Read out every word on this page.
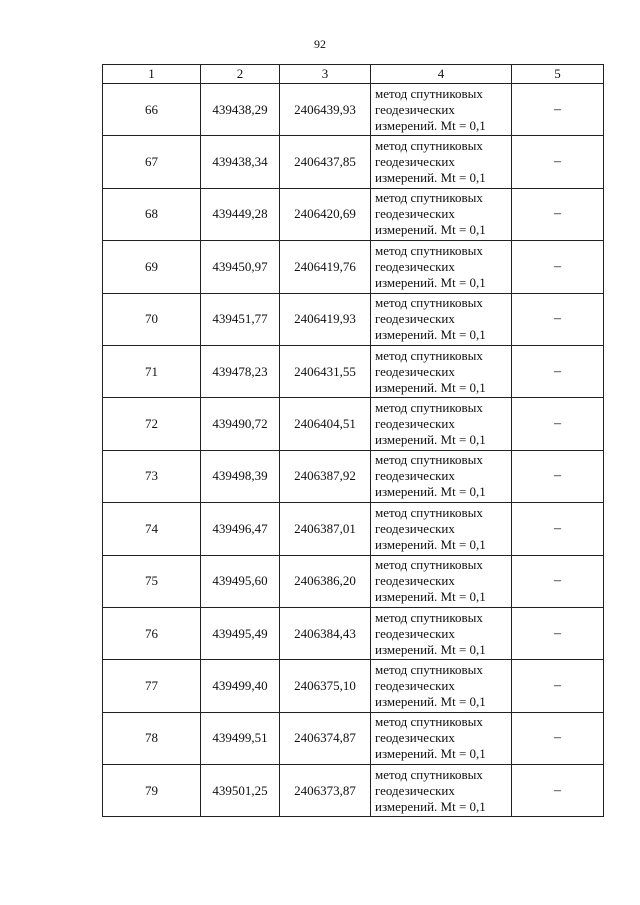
92
1	2	3	4	5
66	439438,29	2406439,93	метод спутниковых
геодезических
измерений. Mt = 0,1	–
67	439438,34	2406437,85	метод спутниковых
геодезических
измерений. Mt = 0,1	–
68	439449,28	2406420,69	метод спутниковых
геодезических
измерений. Mt = 0,1	–
69	439450,97	2406419,76	метод спутниковых
геодезических
измерений. Mt = 0,1	–
70	439451,77	2406419,93	метод спутниковых
геодезических
измерений. Mt = 0,1	–
71	439478,23	2406431,55	метод спутниковых
геодезических
измерений. Mt = 0,1	–
72	439490,72	2406404,51	метод спутниковых
геодезических
измерений. Mt = 0,1	–
73	439498,39	2406387,92	метод спутниковых
геодезических
измерений. Mt = 0,1	–
74	439496,47	2406387,01	метод спутниковых
геодезических
измерений. Mt = 0,1	–
75	439495,60	2406386,20	метод спутниковых
геодезических
измерений. Mt = 0,1	–
76	439495,49	2406384,43	метод спутниковых
геодезических
измерений. Mt = 0,1	–
77	439499,40	2406375,10	метод спутниковых
геодезических
измерений. Mt = 0,1	–
78	439499,51	2406374,87	метод спутниковых
геодезических
измерений. Mt = 0,1	–
79	439501,25	2406373,87	метод спутниковых
геодезических
измерений. Mt = 0,1	–
